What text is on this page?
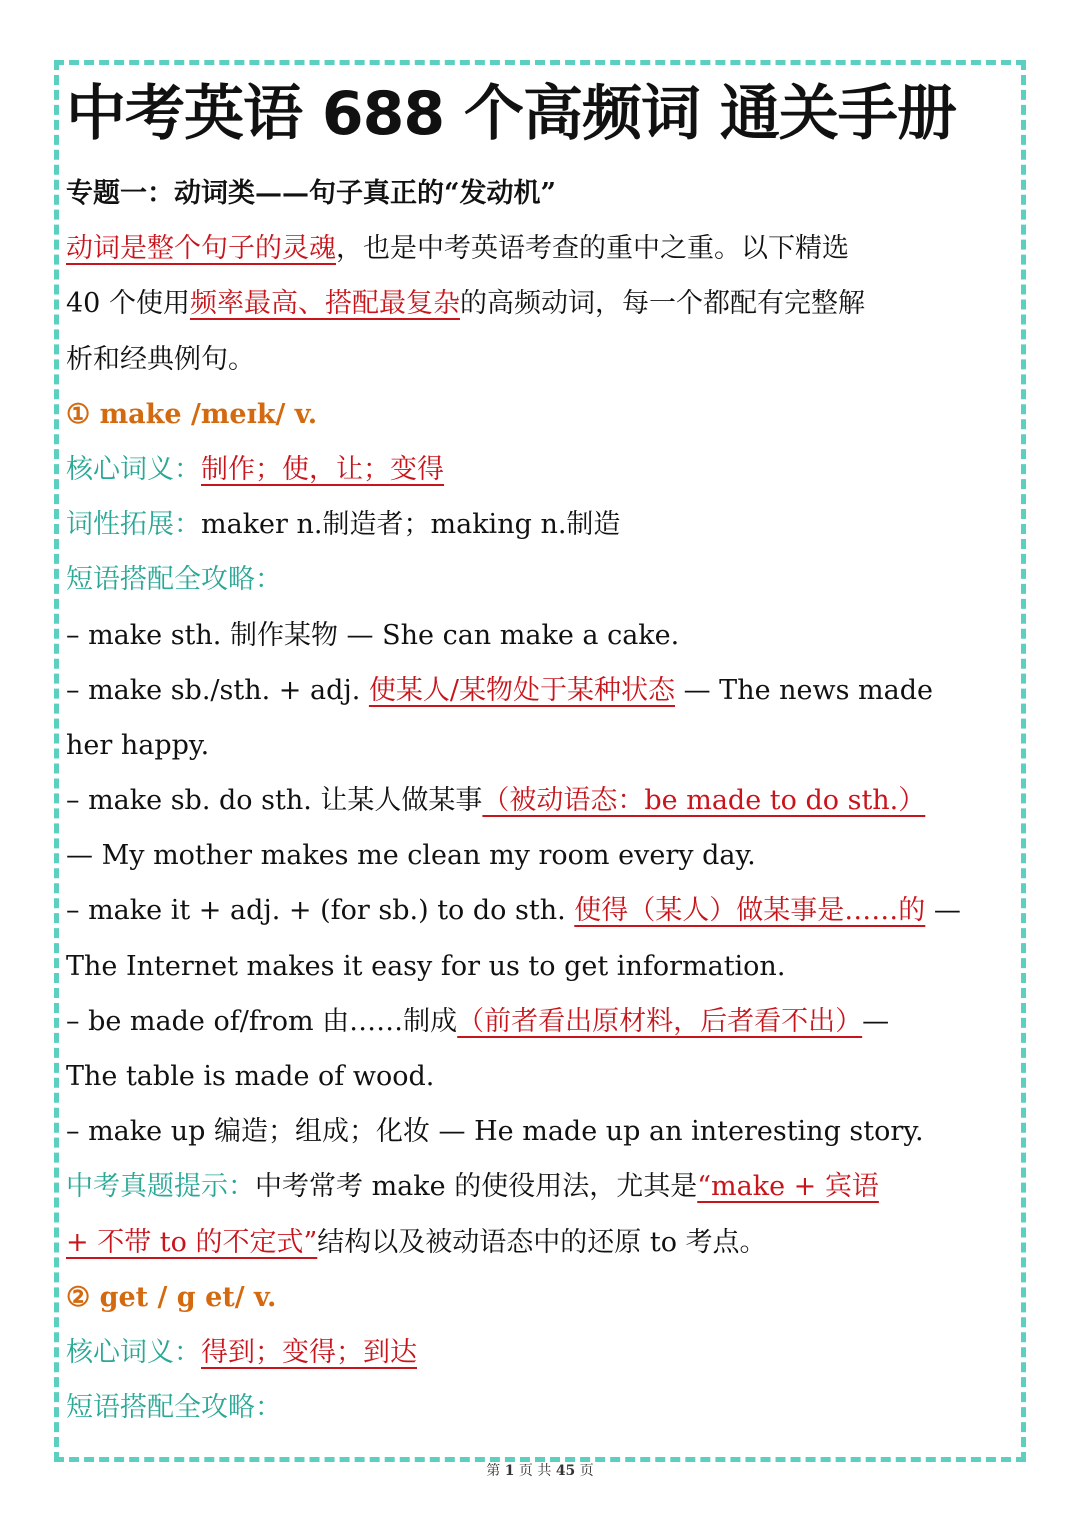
中考英语 688 个高频词 通关手册
专题一：动词类——句子真正的“发动机”
动词是整个句子的灵魂，也是中考英语考查的重中之重。以下精选
40 个使用频率最高、搭配最复杂的高频动词，每一个都配有完整解
析和经典例句。
① make /meɪk/ v.
核心词义：制作；使，让；变得
词性拓展：maker n.制造者；making n.制造
短语搭配全攻略：
– make sth. 制作某物 — She can make a cake.
– make sb./sth. + adj. 使某人/某物处于某种状态 — The news made
her happy.
– make sb. do sth. 让某人做某事（被动语态：be made to do sth.）
— My mother makes me clean my room every day.
– make it + adj. + (for sb.) to do sth. 使得（某人）做某事是……的 —
The Internet makes it easy for us to get information.
– be made of/from 由……制成（前者看出原材料，后者看不出）—
The table is made of wood.
– make up 编造；组成；化妆 — He made up an interesting story.
中考真题提示：中考常考 make 的使役用法，尤其是“make + 宾语
+ 不带 to 的不定式”结构以及被动语态中的还原 to 考点。
② get / g et/ v.
核心词义：得到；变得；到达
短语搭配全攻略：
第 1 页 共 45 页
